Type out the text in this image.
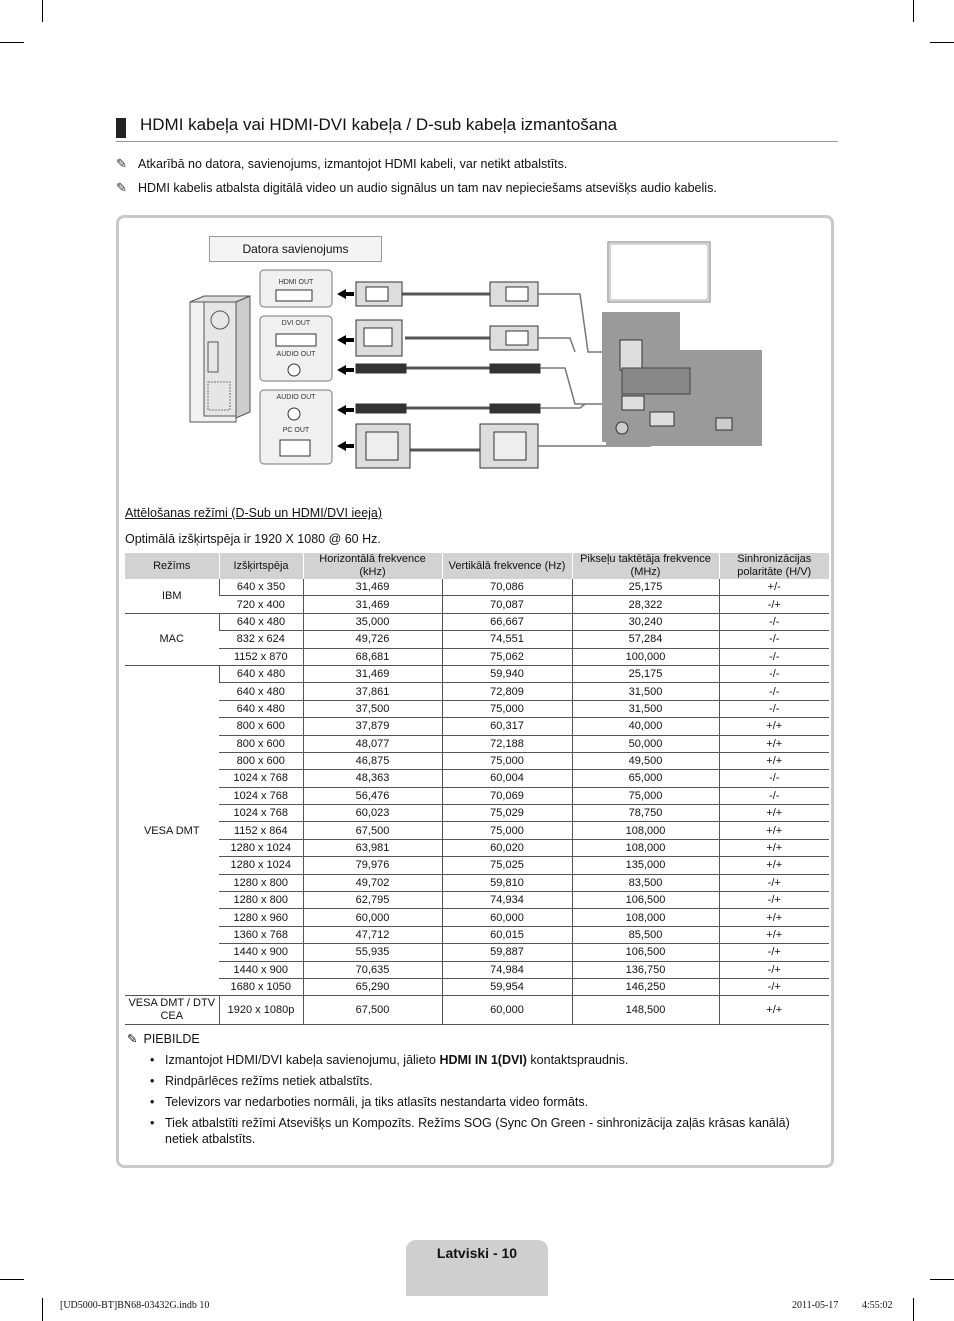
HDMI kabeļa vai HDMI-DVI kabeļa / D-sub kabeļa izmantošana
✎ Atkarībā no datora, savienojums, izmantojot HDMI kabeli, var netikt atbalstīts.
✎ HDMI kabelis atbalsta digitālā video un audio signālus un tam nav nepieciešams atsevišķs audio kabelis.
Datora savienojums
HDMI OUT
DVI OUT
AUDIO OUT
AUDIO OUT
PC OUT
Attēlošanas režīmi (D-Sub un HDMI/DVI ieeja)
Optimālā izšķirtspēja ir 1920 X 1080 @ 60 Hz.
Režīms	Izšķirtspēja	Horizontālā frekvence (kHz)	Vertikālā frekvence (Hz)	Pikseļu taktētāja frekvence (MHz)	Sinhronizācijas polaritāte (H/V)
IBM	640 x 350	31,469	70,086	25,175	+/-
	720 x 400	31,469	70,087	28,322	-/+
MAC	640 x 480	35,000	66,667	30,240	-/-
	832 x 624	49,726	74,551	57,284	-/-
	1152 x 870	68,681	75,062	100,000	-/-
VESA DMT	640 x 480	31,469	59,940	25,175	-/-
	640 x 480	37,861	72,809	31,500	-/-
	640 x 480	37,500	75,000	31,500	-/-
	800 x 600	37,879	60,317	40,000	+/+
	800 x 600	48,077	72,188	50,000	+/+
	800 x 600	46,875	75,000	49,500	+/+
	1024 x 768	48,363	60,004	65,000	-/-
	1024 x 768	56,476	70,069	75,000	-/-
	1024 x 768	60,023	75,029	78,750	+/+
	1152 x 864	67,500	75,000	108,000	+/+
	1280 x 1024	63,981	60,020	108,000	+/+
	1280 x 1024	79,976	75,025	135,000	+/+
	1280 x 800	49,702	59,810	83,500	-/+
	1280 x 800	62,795	74,934	106,500	-/+
	1280 x 960	60,000	60,000	108,000	+/+
	1360 x 768	47,712	60,015	85,500	+/+
	1440 x 900	55,935	59,887	106,500	-/+
	1440 x 900	70,635	74,984	136,750	-/+
	1680 x 1050	65,290	59,954	146,250	-/+
VESA DMT / DTV CEA	1920 x 1080p	67,500	60,000	148,500	+/+
✎ PIEBILDE
• Izmantojot HDMI/DVI kabeļa savienojumu, jālieto HDMI IN 1(DVI) kontaktspraudnis.
• Rindpārlēces režīms netiek atbalstīts.
• Televizors var nedarboties normāli, ja tiks atlasīts nestandarta video formāts.
• Tiek atbalstīti režīmi Atsevišķs un Kompozīts. Režīms SOG (Sync On Green - sinhronizācija zaļās krāsas kanālā) netiek atbalstīts.
Latviski - 10
[UD5000-BT]BN68-03432G.indb 10	2011-05-17 4:55:02
